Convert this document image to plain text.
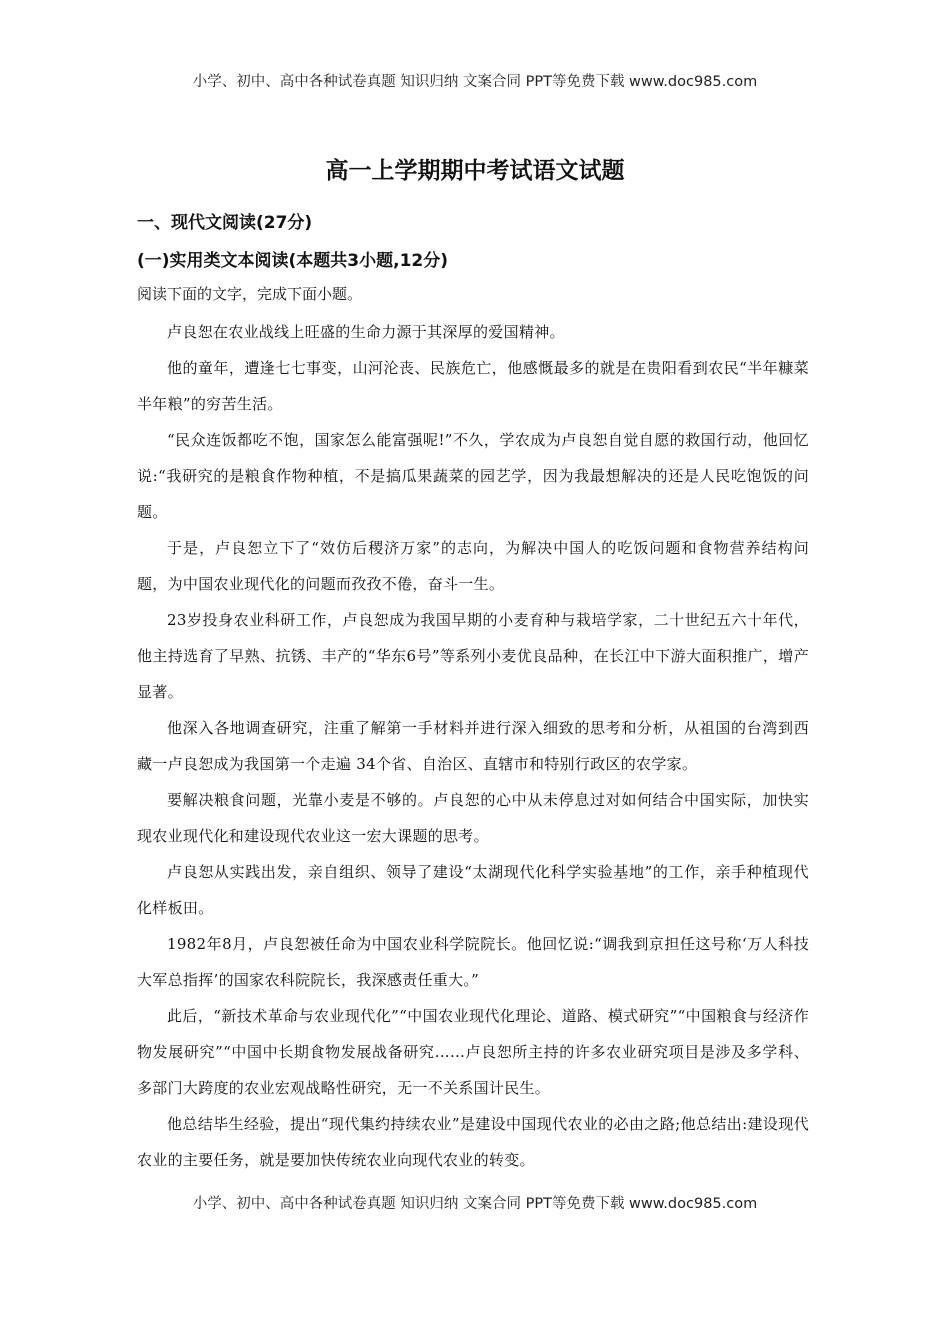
小学、初中、高中各种试卷真题 知识归纳 文案合同 PPT等免费下载 www.doc985.com
高一上学期期中考试语文试题
一、现代文阅读(27分)
(一)实用类文本阅读(本题共3小题,12分)
阅读下面的文字，完成下面小题。

卢良恕在农业战线上旺盛的生命力源于其深厚的爱国精神。

他的童年，遭逢七七事变，山河沦丧、民族危亡，他感慨最多的就是在贵阳看到农民“半年糠菜半年粮”的穷苦生活。

“民众连饭都吃不饱，国家怎么能富强呢!”不久，学农成为卢良恕自觉自愿的救国行动，他回忆说:“我研究的是粮食作物种植，不是搞瓜果蔬菜的园艺学，因为我最想解决的还是人民吃饱饭的问题。

于是，卢良恕立下了“效仿后稷济万家”的志向，为解决中国人的吃饭问题和食物营养结构问题，为中国农业现代化的问题而孜孜不倦，奋斗一生。

23岁投身农业科研工作，卢良恕成为我国早期的小麦育种与栽培学家，二十世纪五六十年代，他主持选育了早熟、抗锈、丰产的“华东6号”等系列小麦优良品种，在长江中下游大面积推广，增产显著。

他深入各地调查研究，注重了解第一手材料并进行深入细致的思考和分析，从祖国的台湾到西藏一卢良恕成为我国第一个走遍 34个省、自治区、直辖市和特别行政区的农学家。

要解决粮食问题，光靠小麦是不够的。卢良恕的心中从未停息过对如何结合中国实际，加快实现农业现代化和建设现代农业这一宏大课题的思考。

卢良恕从实践出发，亲自组织、领导了建设“太湖现代化科学实验基地”的工作，亲手种植现代化样板田。

1982年8月，卢良恕被任命为中国农业科学院院长。他回忆说:“调我到京担任这号称‘万人科技大军总指挥’的国家农科院院长，我深感责任重大。”

此后，“新技术革命与农业现代化”“中国农业现代化理论、道路、模式研究”“中国粮食与经济作物发展研究”“中国中长期食物发展战备研究……卢良恕所主持的许多农业研究项目是涉及多学科、多部门大跨度的农业宏观战略性研究，无一不关系国计民生。

他总结毕生经验，提出“现代集约持续农业”是建设中国现代农业的必由之路;他总结出:建设现代农业的主要任务，就是要加快传统农业向现代农业的转变。

小学、初中、高中各种试卷真题 知识归纳 文案合同 PPT等免费下载 www.doc985.com
